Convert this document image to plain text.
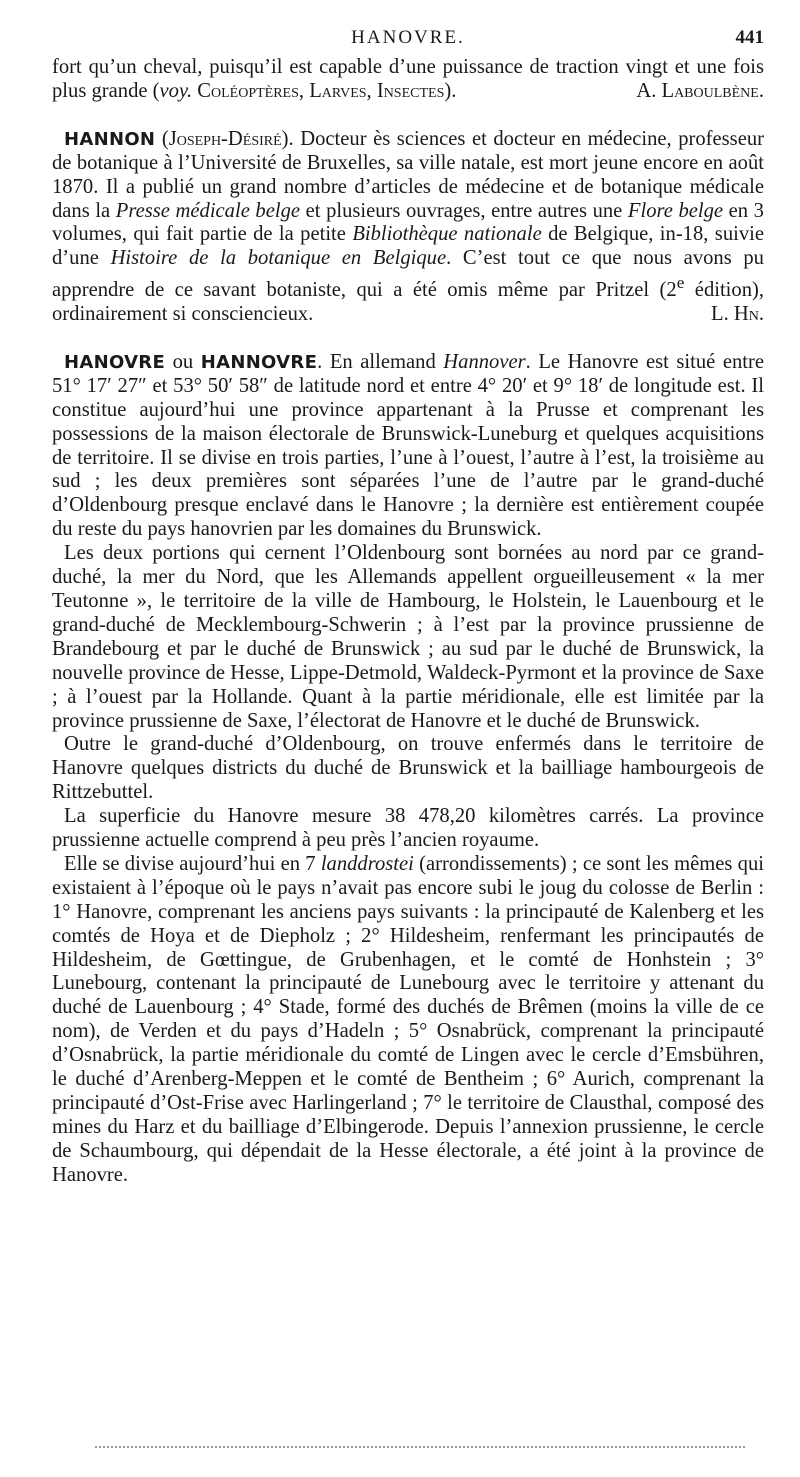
HANOVRE.	441

fort qu’un cheval, puisqu’il est capable d’une puissance de traction vingt et une fois plus grande (voy. Coléoptères, Larves, Insectes).	A. Laboulbène.

HANNON (Joseph-Désiré). Docteur ès sciences et docteur en médecine, professeur de botanique à l’Université de Bruxelles, sa ville natale, est mort jeune encore en août 1870. Il a publié un grand nombre d’articles de médecine et de botanique médicale dans la Presse médicale belge et plusieurs ouvrages, entre autres une Flore belge en 3 volumes, qui fait partie de la petite Bibliothèque nationale de Belgique, in-18, suivie d’une Histoire de la botanique en Belgique. C’est tout ce que nous avons pu apprendre de ce savant botaniste, qui a été omis même par Pritzel (2e édition), ordinairement si consciencieux.	L. Hn.

HANOVRE ou HANNOVRE. En allemand Hannover. Le Hanovre est situé entre 51° 17′ 27″ et 53° 50′ 58″ de latitude nord et entre 4° 20′ et 9° 18′ de longitude est. Il constitue aujourd’hui une province appartenant à la Prusse et comprenant les possessions de la maison électorale de Brunswick-Luneburg et quelques acquisitions de territoire. Il se divise en trois parties, l’une à l’ouest, l’autre à l’est, la troisième au sud ; les deux premières sont séparées l’une de l’autre par le grand-duché d’Oldenbourg presque enclavé dans le Hanovre ; la dernière est entièrement coupée du reste du pays hanovrien par les domaines du Brunswick.

Les deux portions qui cernent l’Oldenbourg sont bornées au nord par ce grand-duché, la mer du Nord, que les Allemands appellent orgueilleusement « la mer Teutonne », le territoire de la ville de Hambourg, le Holstein, le Lauenbourg et le grand-duché de Mecklembourg-Schwerin ; à l’est par la province prussienne de Brandebourg et par le duché de Brunswick ; au sud par le duché de Brunswick, la nouvelle province de Hesse, Lippe-Detmold, Waldeck-Pyrmont et la province de Saxe ; à l’ouest par la Hollande. Quant à la partie méridionale, elle est limitée par la province prussienne de Saxe, l’électorat de Hanovre et le duché de Brunswick.

Outre le grand-duché d’Oldenbourg, on trouve enfermés dans le territoire de Hanovre quelques districts du duché de Brunswick et la bailliage hambourgeois de Rittzebuttel.

La superficie du Hanovre mesure 38 478,20 kilomètres carrés. La province prussienne actuelle comprend à peu près l’ancien royaume.

Elle se divise aujourd’hui en 7 landdrostei (arrondissements) ; ce sont les mêmes qui existaient à l’époque où le pays n’avait pas encore subi le joug du colosse de Berlin : 1° Hanovre, comprenant les anciens pays suivants : la principauté de Kalenberg et les comtés de Hoya et de Diepholz ; 2° Hildesheim, renfermant les principautés de Hildesheim, de Gœttingue, de Grubenhagen, et le comté de Honhstein ; 3° Lunebourg, contenant la principauté de Lunebourg avec le territoire y attenant du duché de Lauenbourg ; 4° Stade, formé des duchés de Brêmen (moins la ville de ce nom), de Verden et du pays d’Hadeln ; 5° Osnabrück, comprenant la principauté d’Osnabrück, la partie méridionale du comté de Lingen avec le cercle d’Emsbühren, le duché d’Arenberg-Meppen et le comté de Bentheim ; 6° Aurich, comprenant la principauté d’Ost-Frise avec Harlingerland ; 7° le territoire de Clausthal, composé des mines du Harz et du bailliage d’Elbingerode. Depuis l’annexion prussienne, le cercle de Schaumbourg, qui dépendait de la Hesse électorale, a été joint à la province de Hanovre.
